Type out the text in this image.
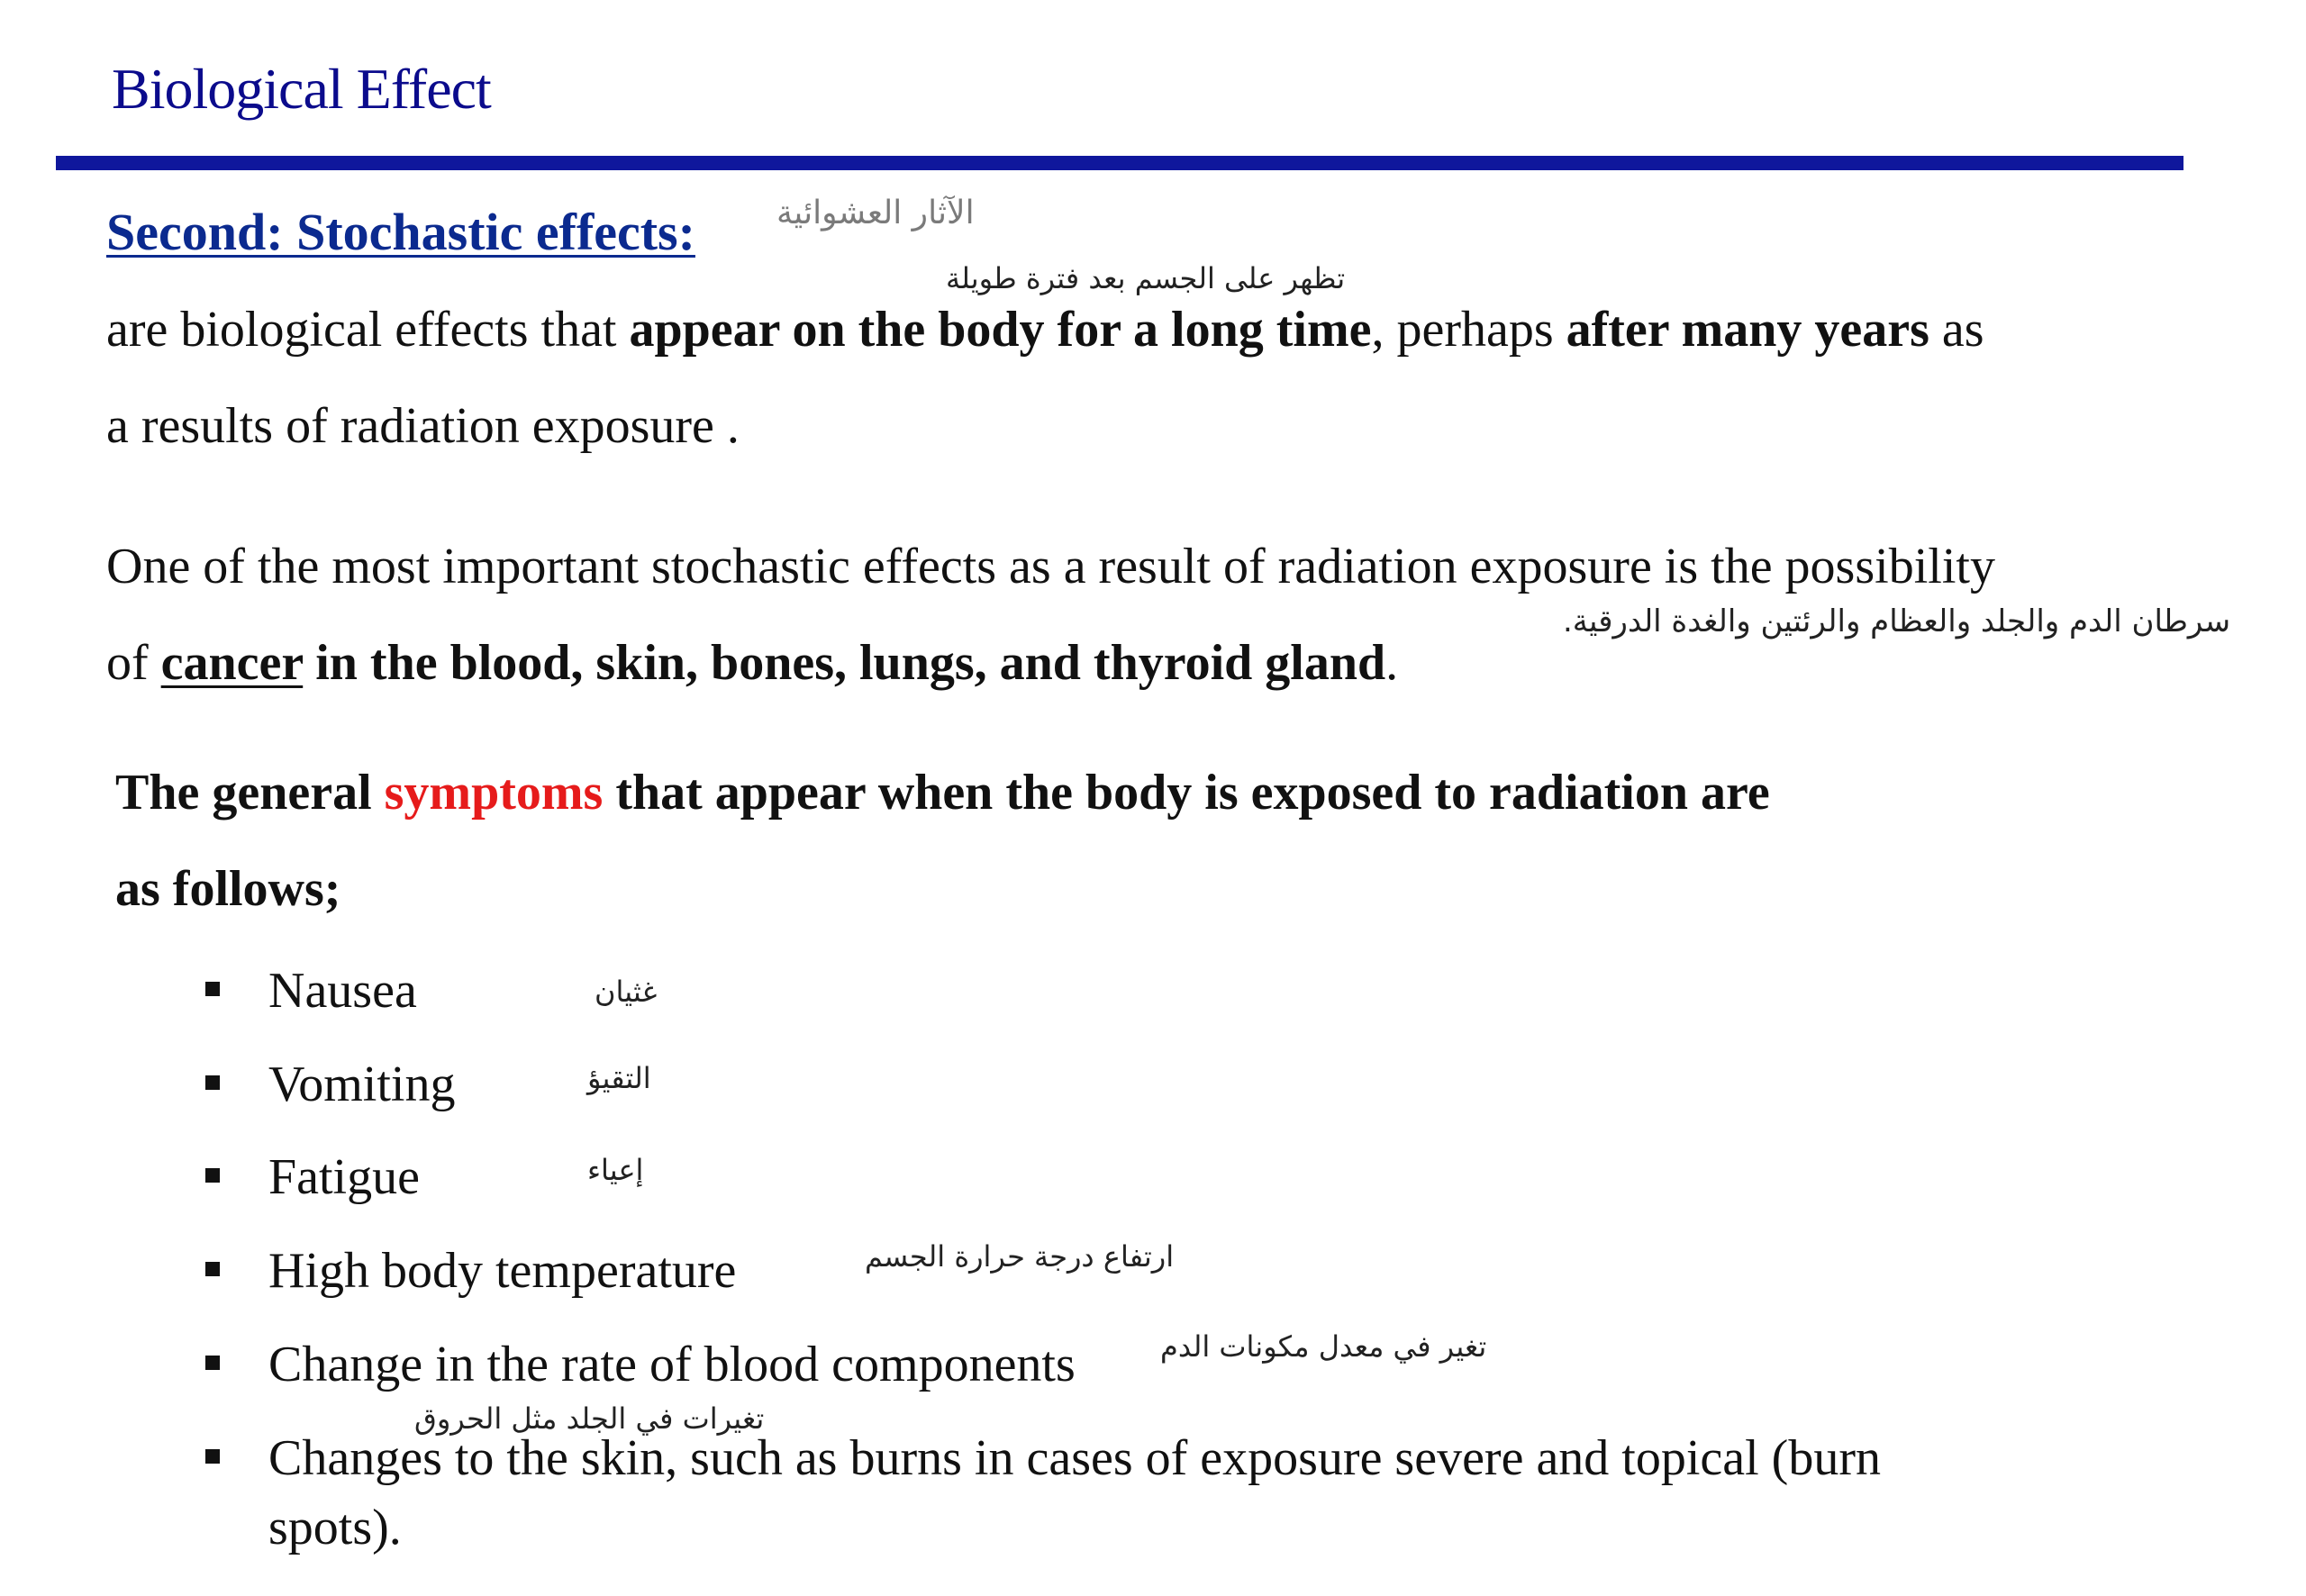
Biological Effect
Second: Stochastic effects:	الآثار العشوائية
تظهر على الجسم بعد فترة طويلة
are biological effects that appear on the body for a long time, perhaps after many years as
a results of radiation exposure .
One of the most important stochastic effects as a result of radiation exposure is the possibility
سرطان الدم والجلد والعظام والرئتين والغدة الدرقية.
of cancer in the blood, skin, bones, lungs, and thyroid gland.
The general symptoms that appear when the body is exposed to radiation are
as follows;
Nausea	غثيان
Vomiting	التقيؤ
Fatigue	إعياء
High body temperature	ارتفاع درجة حرارة الجسم
Change in the rate of blood components	تغير في معدل مكونات الدم
تغيرات في الجلد مثل الحروق
Changes to the skin, such as burns in cases of exposure severe and topical (burn
spots).
